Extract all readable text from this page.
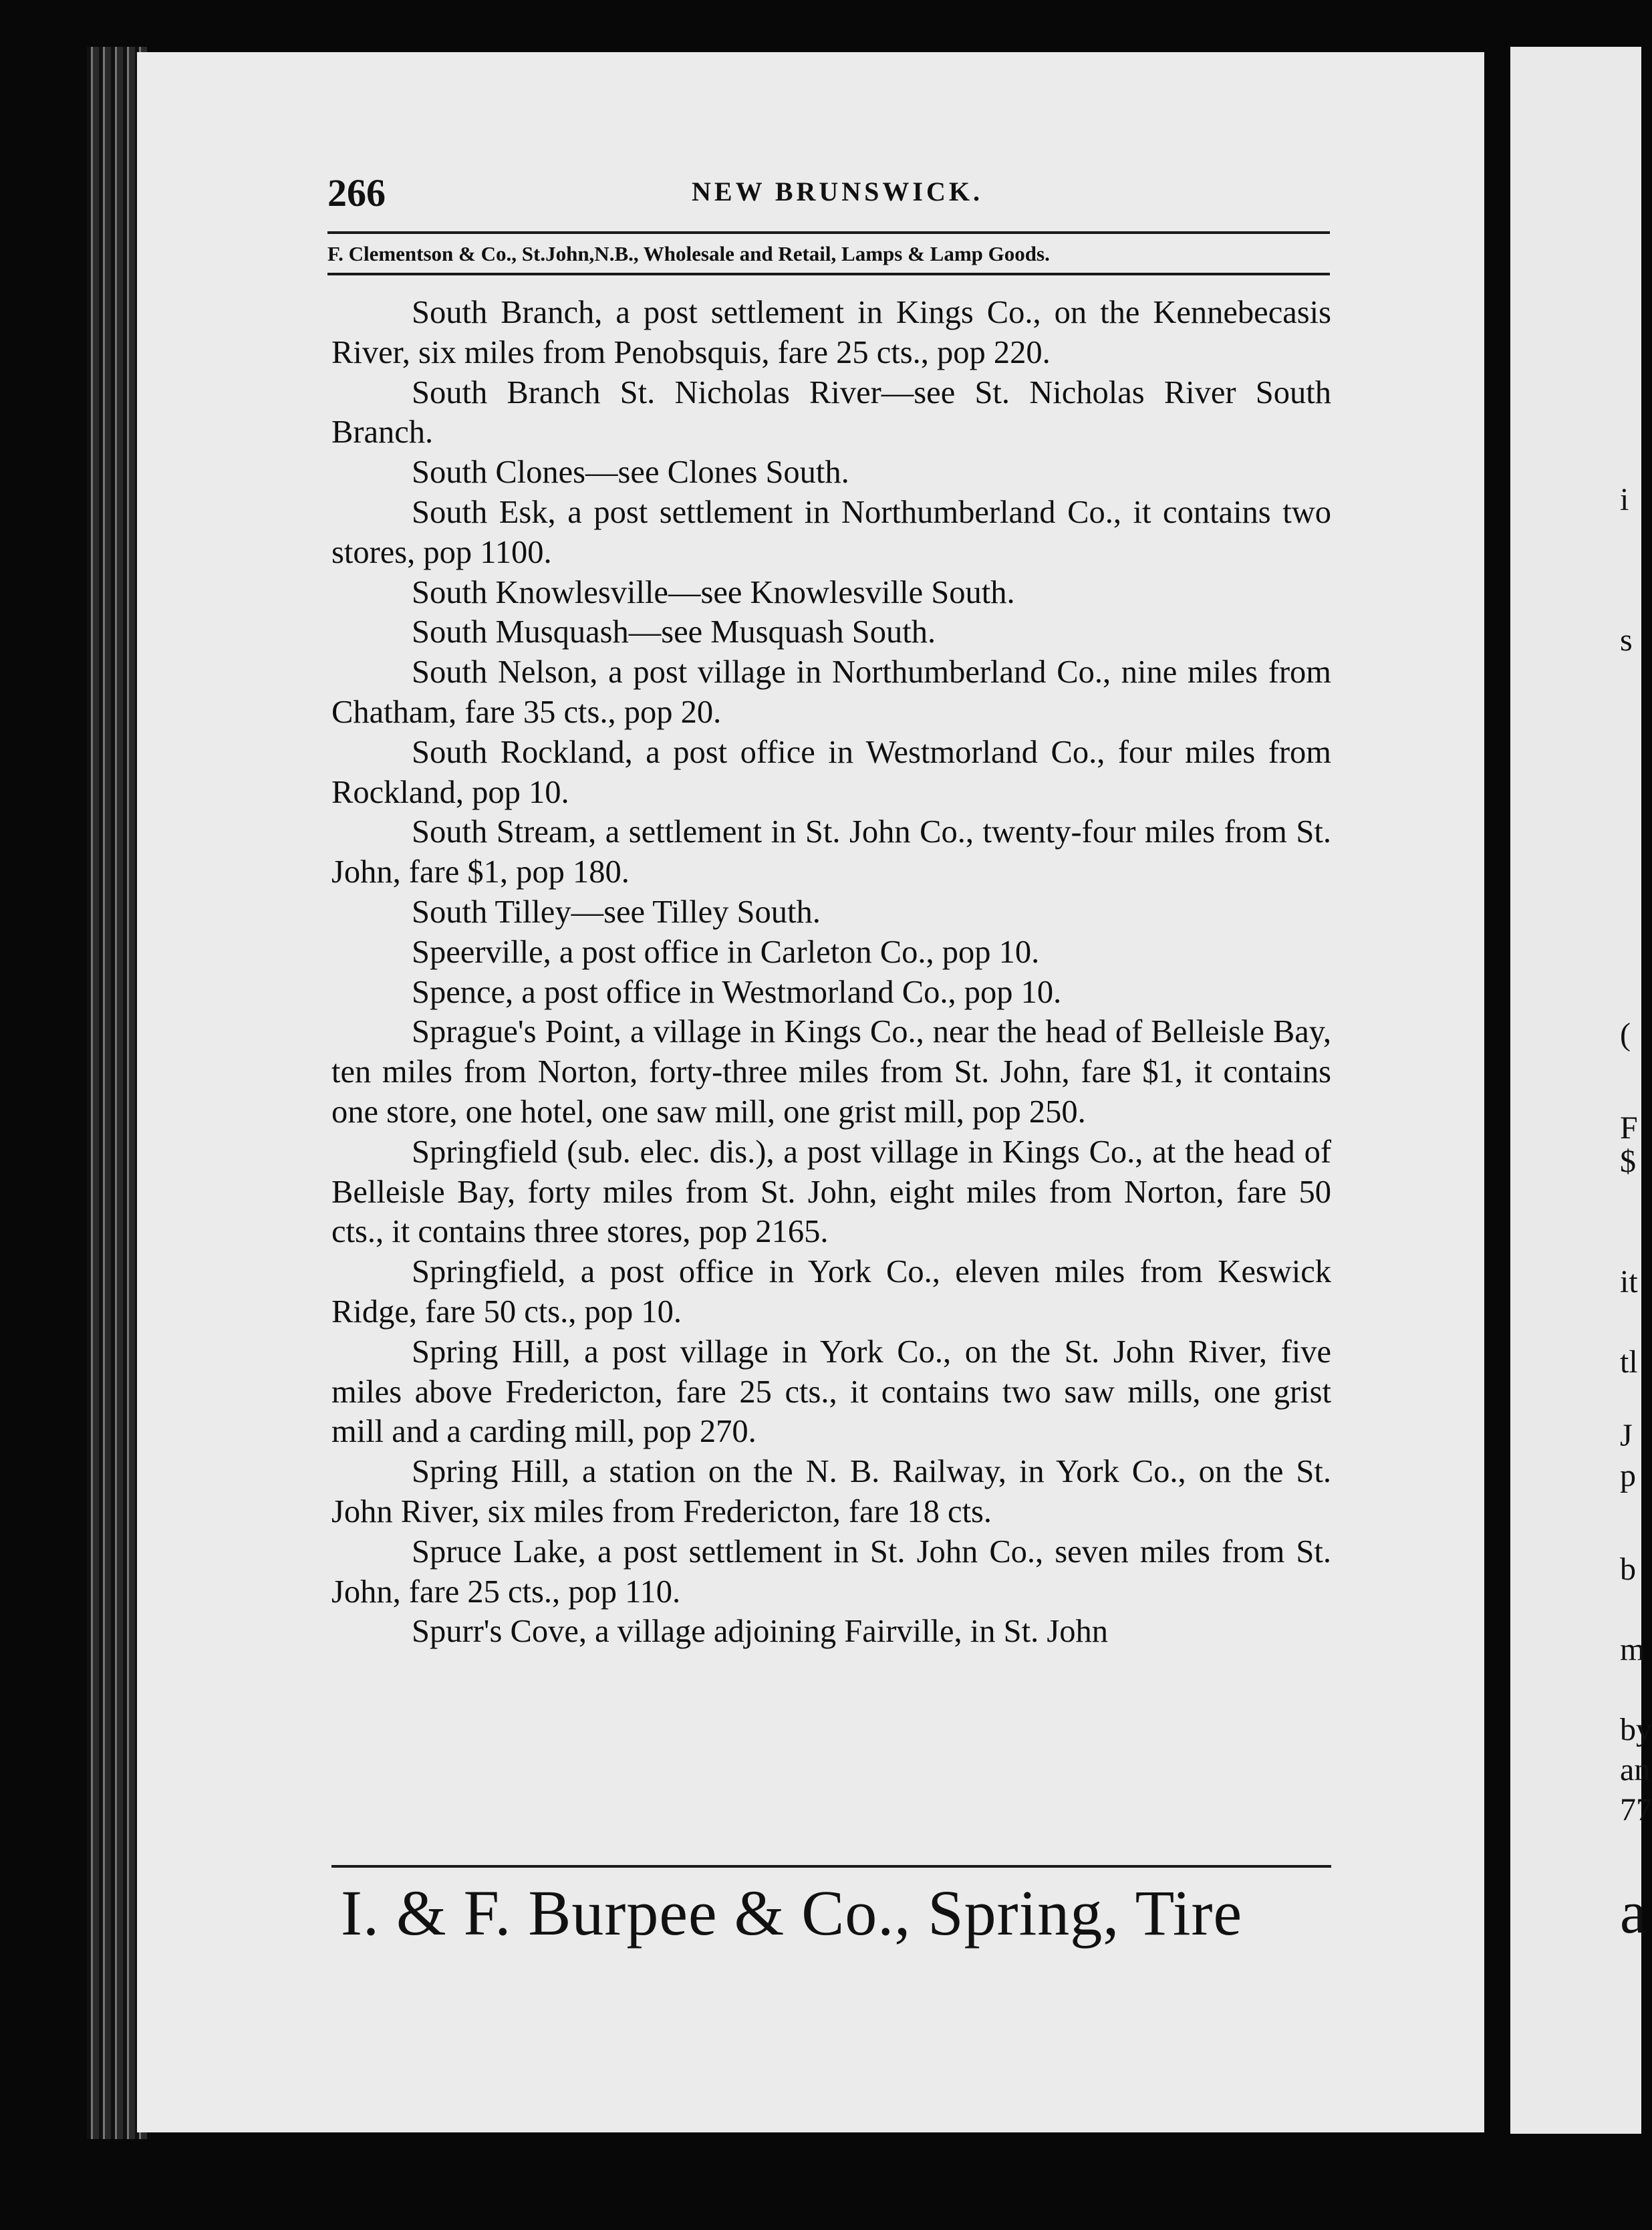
266	NEW BRUNSWICK.
F. Clementson & Co., St.John,N.B., Wholesale and Retail, Lamps & Lamp Goods.
South Branch, a post settlement in Kings Co., on the Kennebecasis River, six miles from Penobsquis, fare 25 cts., pop 220.
South Branch St. Nicholas River—see St. Nicholas River South Branch.
South Clones—see Clones South.
South Esk, a post settlement in Northumberland Co., it contains two stores, pop 1100.
South Knowlesville—see Knowlesville South.
South Musquash—see Musquash South.
South Nelson, a post village in Northumberland Co., nine miles from Chatham, fare 35 cts., pop 20.
South Rockland, a post office in Westmorland Co., four miles from Rockland, pop 10.
South Stream, a settlement in St. John Co., twenty-four miles from St. John, fare $1, pop 180.
South Tilley—see Tilley South.
Speerville, a post office in Carleton Co., pop 10.
Spence, a post office in Westmorland Co., pop 10.
Sprague's Point, a village in Kings Co., near the head of Belleisle Bay, ten miles from Norton, forty-three miles from St. John, fare $1, it contains one store, one hotel, one saw mill, one grist mill, pop 250.
Springfield (sub. elec. dis.), a post village in Kings Co., at the head of Belleisle Bay, forty miles from St. John, eight miles from Norton, fare 50 cts., it contains three stores, pop 2165.
Springfield, a post office in York Co., eleven miles from Keswick Ridge, fare 50 cts., pop 10.
Spring Hill, a post village in York Co., on the St. John River, five miles above Fredericton, fare 25 cts., it contains two saw mills, one grist mill and a carding mill, pop 270.
Spring Hill, a station on the N. B. Railway, in York Co., on the St. John River, six miles from Fredericton, fare 18 cts.
Spruce Lake, a post settlement in St. John Co., seven miles from St. John, fare 25 cts., pop 110.
Spurr's Cove, a village adjoining Fairville, in St. John
I. & F. Burpee & Co., Spring, Tire
i
s
(
F
$
it
tl
J
p
b
m
by
an
77
a
